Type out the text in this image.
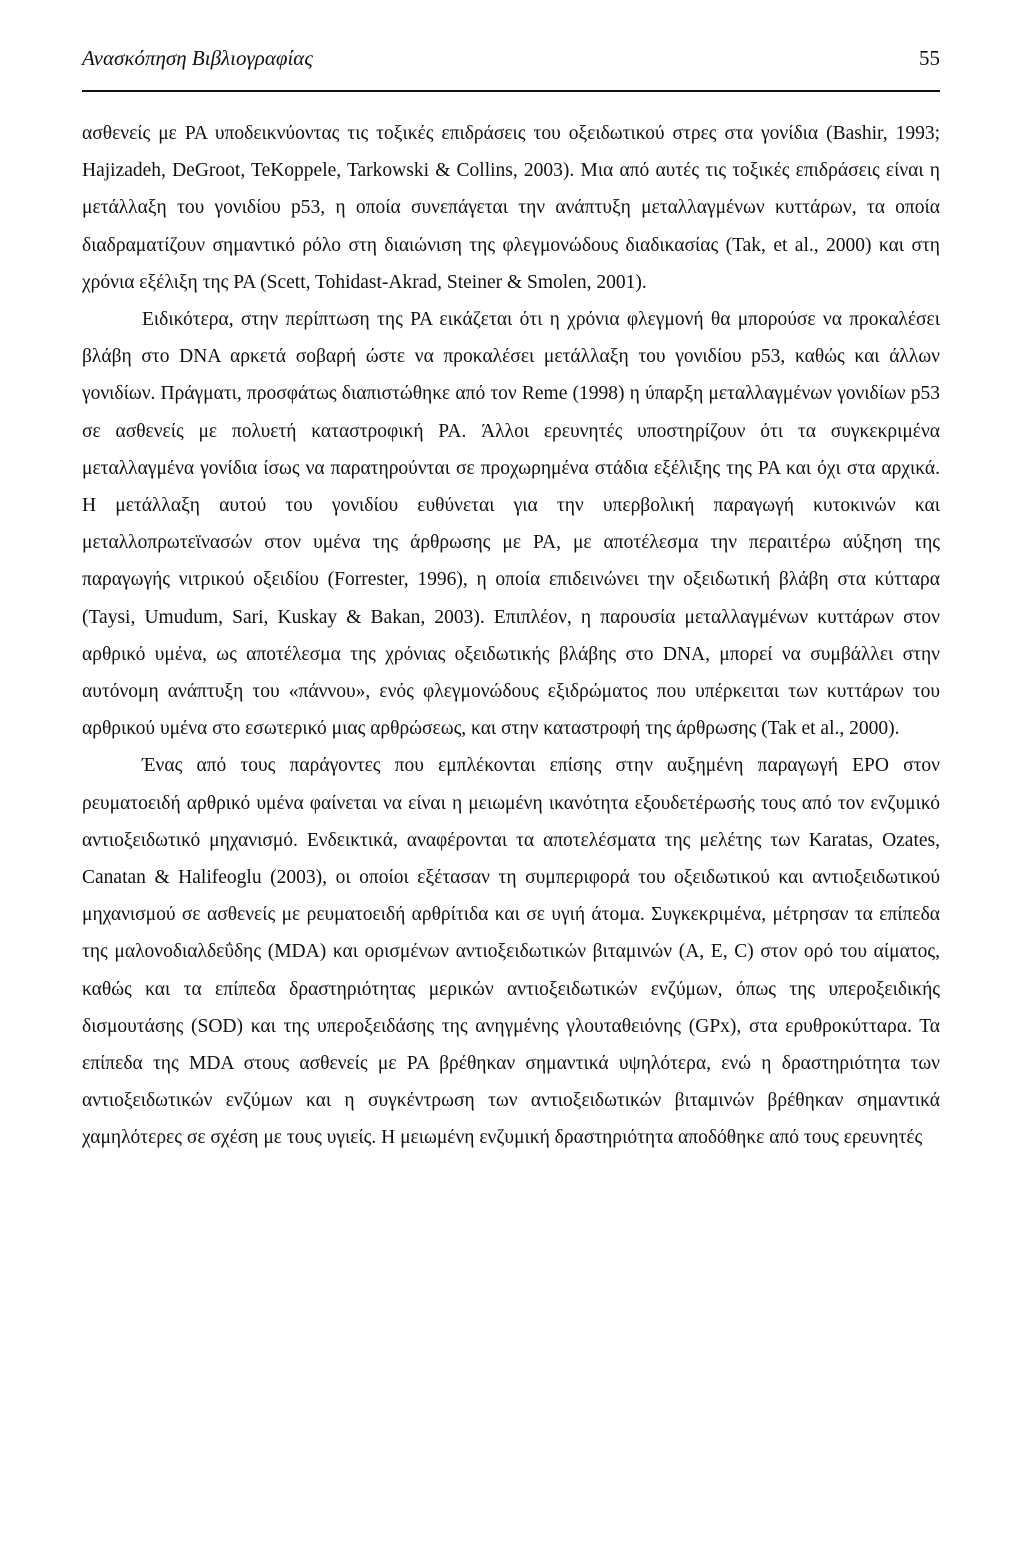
Ανασκόπηση Βιβλιογραφίας	55

ασθενείς με PA υποδεικνύοντας τις τοξικές επιδράσεις του οξειδωτικού στρες στα γονίδια (Bashir, 1993; Hajizadeh, DeGroot, TeKoppele, Tarkowski & Collins, 2003). Μια από αυτές τις τοξικές επιδράσεις είναι η μετάλλαξη του γονιδίου p53, η οποία συνεπάγεται την ανάπτυξη μεταλλαγμένων κυττάρων, τα οποία διαδραματίζουν σημαντικό ρόλο στη διαιώνιση της φλεγμονώδους διαδικασίας (Tak, et al., 2000) και στη χρόνια εξέλιξη της PA (Scett, Tohidast-Akrad, Steiner & Smolen, 2001).

Ειδικότερα, στην περίπτωση της PA εικάζεται ότι η χρόνια φλεγμονή θα μπορούσε να προκαλέσει βλάβη στο DNA αρκετά σοβαρή ώστε να προκαλέσει μετάλλαξη του γονιδίου p53, καθώς και άλλων γονιδίων. Πράγματι, προσφάτως διαπιστώθηκε από τον Reme (1998) η ύπαρξη μεταλλαγμένων γονιδίων p53 σε ασθενείς με πολυετή καταστροφική PA. Άλλοι ερευνητές υποστηρίζουν ότι τα συγκεκριμένα μεταλλαγμένα γονίδια ίσως να παρατηρούνται σε προχωρημένα στάδια εξέλιξης της PA και όχι στα αρχικά. Η μετάλλαξη αυτού του γονιδίου ευθύνεται για την υπερβολική παραγωγή κυτοκινών και μεταλλοπρωτεϊνασών στον υμένα της άρθρωσης με PA, με αποτέλεσμα την περαιτέρω αύξηση της παραγωγής νιτρικού οξειδίου (Forrester, 1996), η οποία επιδεινώνει την οξειδωτική βλάβη στα κύτταρα (Taysi, Umudum, Sari, Kuskay & Bakan, 2003). Επιπλέον, η παρουσία μεταλλαγμένων κυττάρων στον αρθρικό υμένα, ως αποτέλεσμα της χρόνιας οξειδωτικής βλάβης στο DNA, μπορεί να συμβάλλει στην αυτόνομη ανάπτυξη του «πάννου», ενός φλεγμονώδους εξιδρώματος που υπέρκειται των κυττάρων του αρθρικού υμένα στο εσωτερικό μιας αρθρώσεως, και στην καταστροφή της άρθρωσης (Tak et al., 2000).

Ένας από τους παράγοντες που εμπλέκονται επίσης στην αυξημένη παραγωγή EPO στον ρευματοειδή αρθρικό υμένα φαίνεται να είναι η μειωμένη ικανότητα εξουδετέρωσής τους από τον ενζυμικό αντιοξειδωτικό μηχανισμό. Ενδεικτικά, αναφέρονται τα αποτελέσματα της μελέτης των Karatas, Ozates, Canatan & Halifeoglu (2003), οι οποίοι εξέτασαν τη συμπεριφορά του οξειδωτικού και αντιοξειδωτικού μηχανισμού σε ασθενείς με ρευματοειδή αρθρίτιδα και σε υγιή άτομα. Συγκεκριμένα, μέτρησαν τα επίπεδα της μαλονοδιαλδεΰδης (MDA) και ορισμένων αντιοξειδωτικών βιταμινών (A, E, C) στον ορό του αίματος, καθώς και τα επίπεδα δραστηριότητας μερικών αντιοξειδωτικών ενζύμων, όπως της υπεροξειδικής δισμουτάσης (SOD) και της υπεροξειδάσης της ανηγμένης γλουταθειόνης (GPx), στα ερυθροκύτταρα. Τα επίπεδα της MDA στους ασθενείς με PA βρέθηκαν σημαντικά υψηλότερα, ενώ η δραστηριότητα των αντιοξειδωτικών ενζύμων και η συγκέντρωση των αντιοξειδωτικών βιταμινών βρέθηκαν σημαντικά χαμηλότερες σε σχέση με τους υγιείς. Η μειωμένη ενζυμική δραστηριότητα αποδόθηκε από τους ερευνητές
